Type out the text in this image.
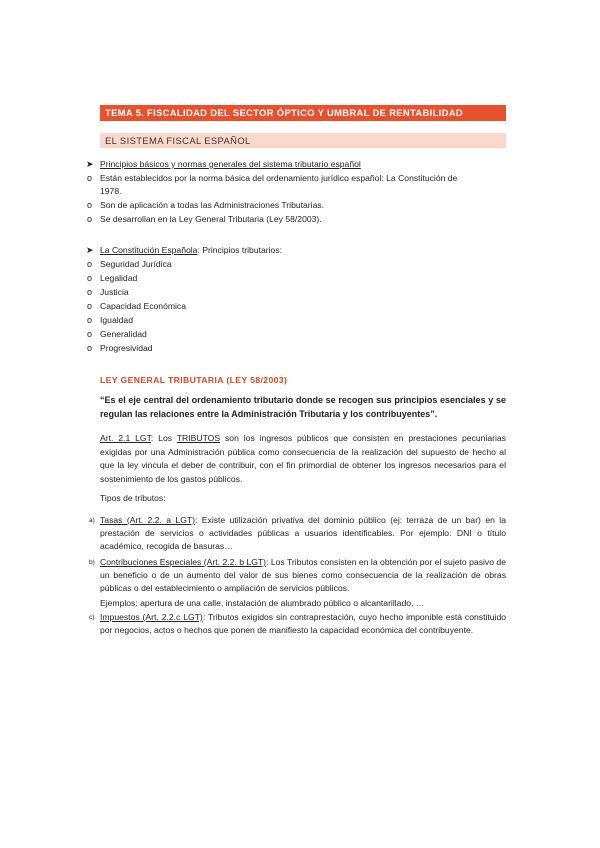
TEMA 5. FISCALIDAD DEL SECTOR ÓPTICO Y UMBRAL DE RENTABILIDAD
EL SISTEMA FISCAL ESPAÑOL
➤ Principios básicos y normas generales del sistema tributario español
o Están establecidos por la norma básica del ordenamiento jurídico español: La Constitución de
1978.
o Son de aplicación a todas las Administraciones Tributarias.
o Se desarrollan en la Ley General Tributaria (Ley 58/2003).
➤ La Constitución Española: Principios tributarios:
o Seguridad Jurídica
o Legalidad
o Justicia
o Capacidad Económica
o Igualdad
o Generalidad
o Progresividad
LEY GENERAL TRIBUTARIA (LEY 58/2003)
“Es el eje central del ordenamiento tributario donde se recogen sus principios esenciales y se regulan las relaciones entre la Administración Tributaria y los contribuyentes”.
Art. 2.1 LGT: Los TRIBUTOS son los ingresos públicos que consisten en prestaciones pecuniarias exigidas por una Administración pública como consecuencia de la realización del supuesto de hecho al que la ley vincula el deber de contribuir, con el fin primordial de obtener los ingresos necesarios para el sostenimiento de los gastos públicos.
Tipos de tributos:
a) Tasas (Art. 2.2. a LGT): Existe utilización privativa del dominio público (ej: terraza de un bar) en la prestación de servicios o actividades públicas a usuarios identificables. Por ejemplo: DNI o título académico, recogida de basuras…
b) Contribuciones Especiales (Art. 2.2. b LGT): Los Tributos consisten en la obtención por el sujeto pasivo de un beneficio o de un aumento del valor de sus bienes como consecuencia de la realización de obras públicas o del establecimiento o ampliación de servicios públicos.
Ejemplos: apertura de una calle, instalación de alumbrado público o alcantarillado, …
c) Impuestos (Art. 2.2.c LGT): Tributos exigidos sin contraprestación, cuyo hecho imponible está constituido por negocios, actos o hechos que ponen de manifiesto la capacidad económica del contribuyente.
